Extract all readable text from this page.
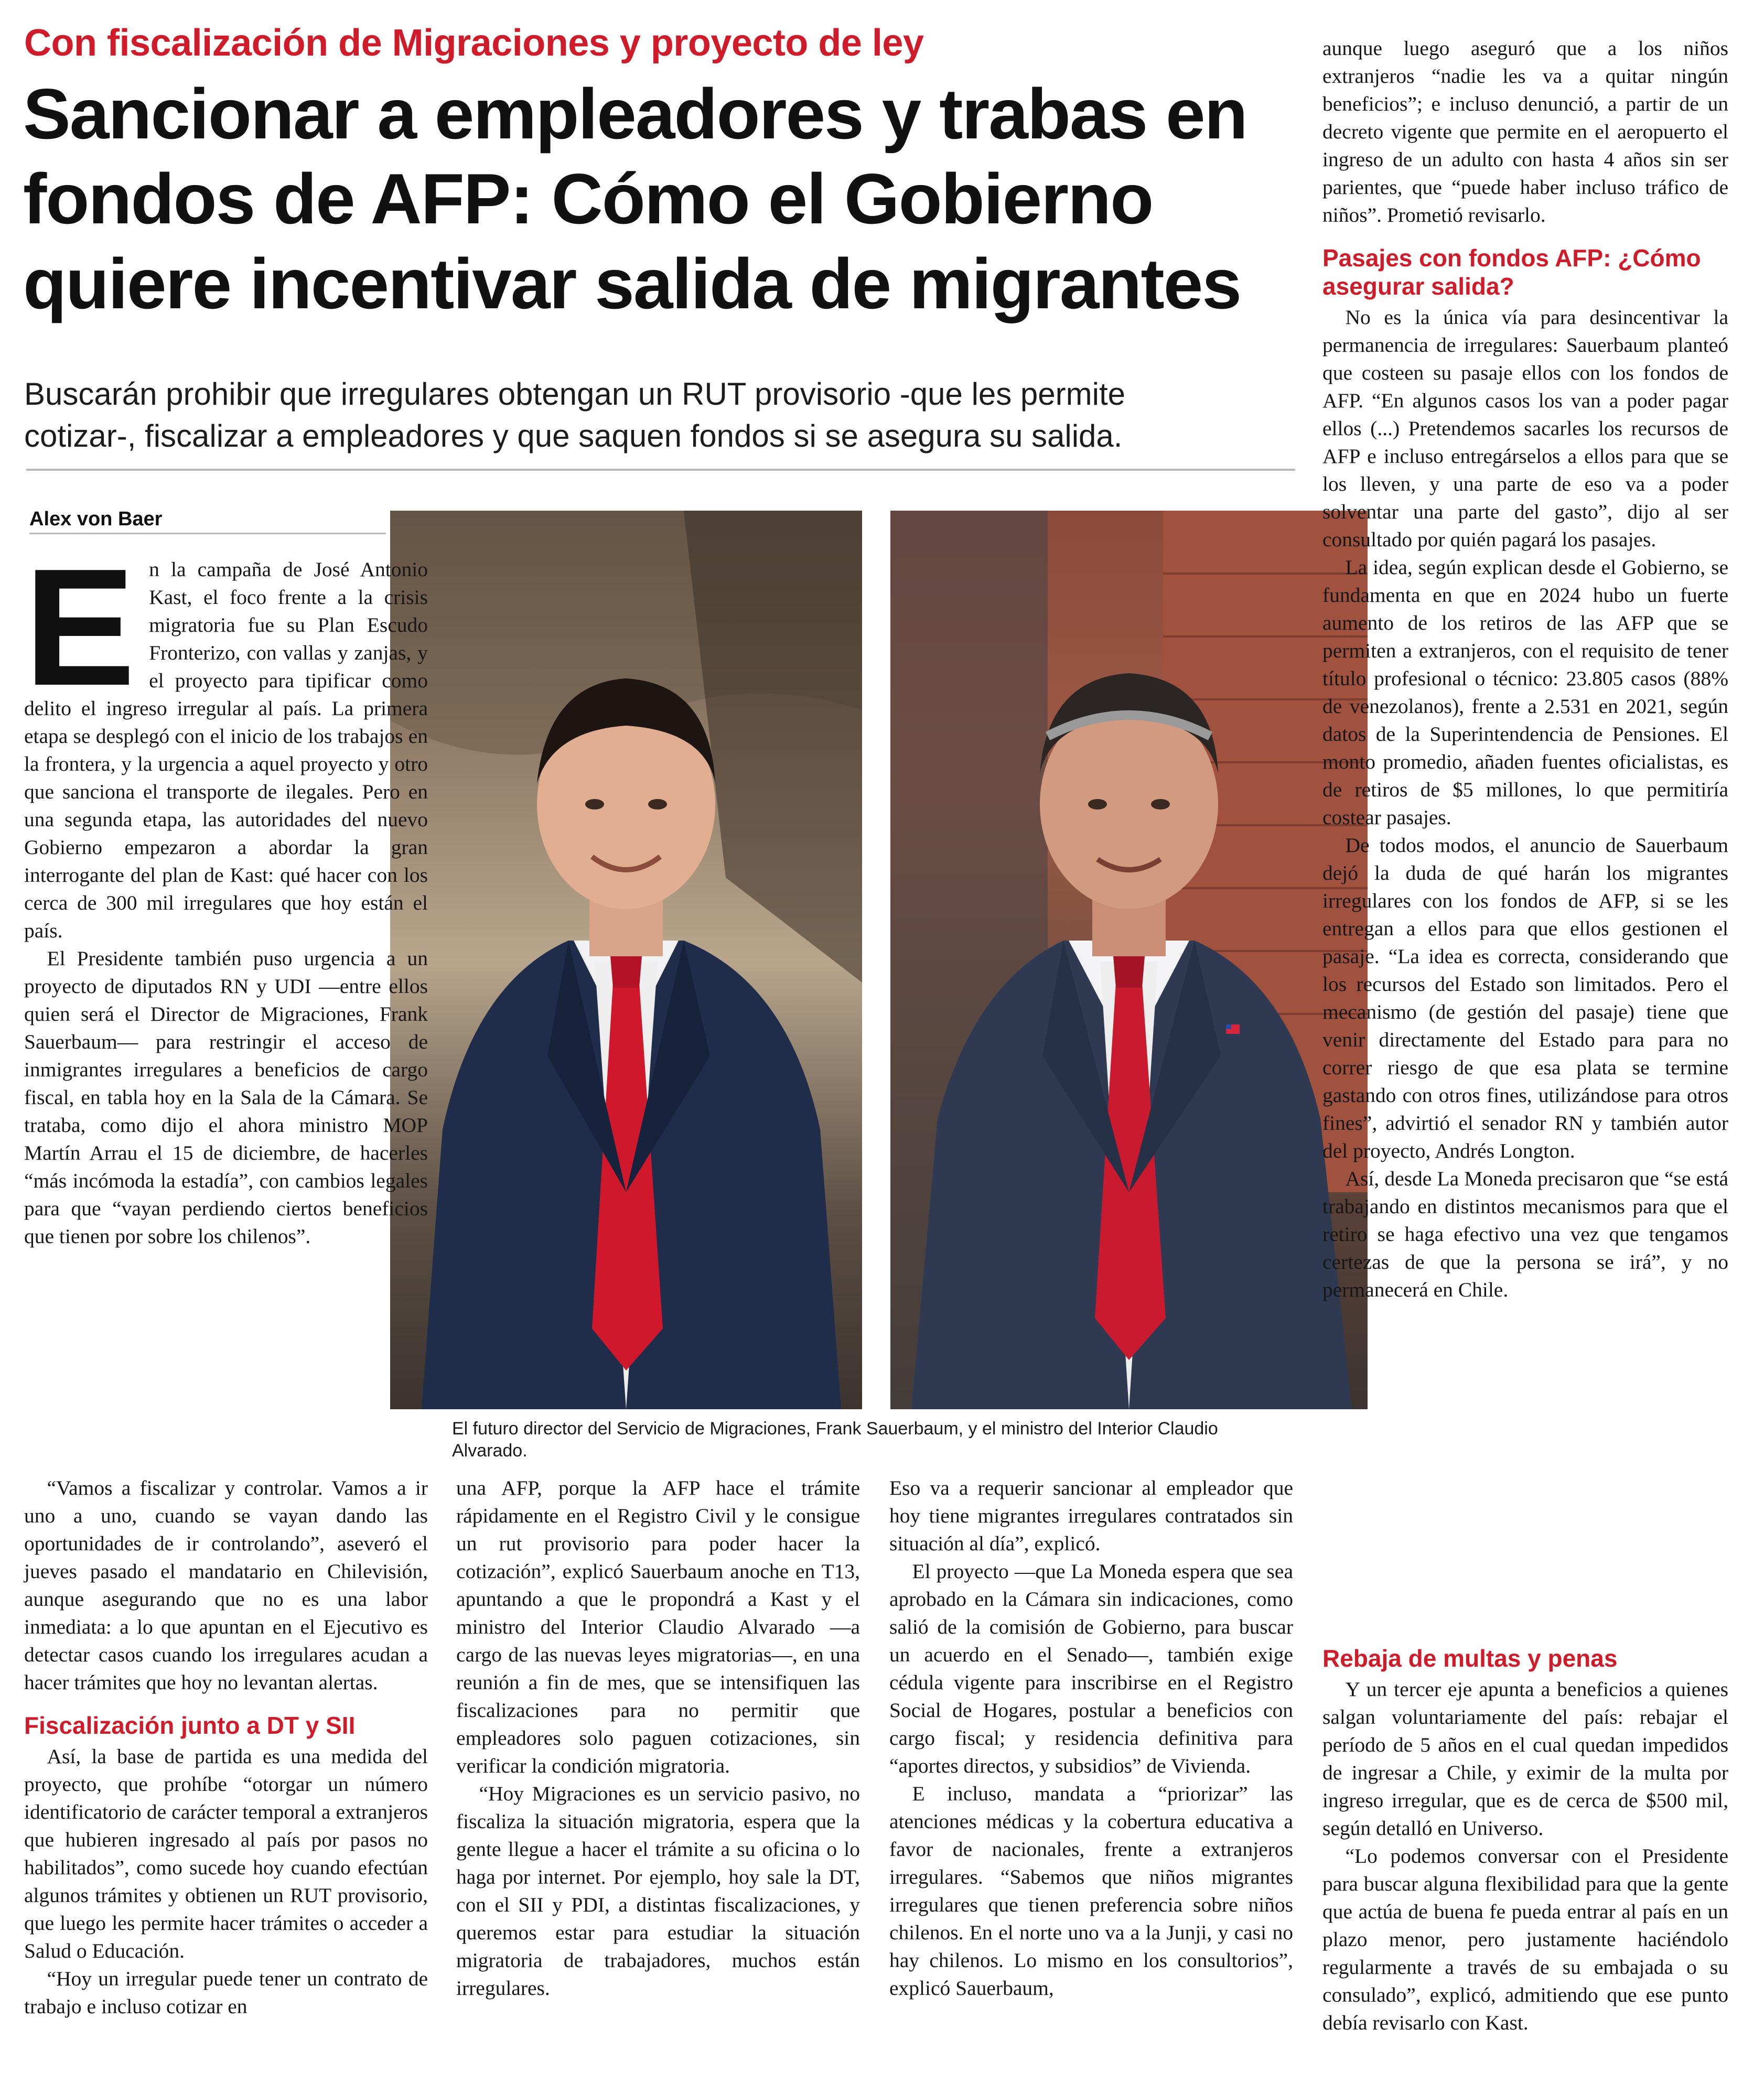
Con fiscalización de Migraciones y proyecto de ley
Sancionar a empleadores y trabas en
fondos de AFP: Cómo el Gobierno
quiere incentivar salida de migrantes
Buscarán prohibir que irregulares obtengan un RUT provisorio -que les permite
cotizar-, fiscalizar a empleadores y que saquen fondos si se asegura su salida.
Alex von Baer
El futuro director del Servicio de Migraciones, Frank Sauerbaum, y el ministro del Interior Claudio Alvarado.

E n la campaña de José Antonio Kast, el foco frente a la crisis migratoria fue su Plan Escudo Fronterizo, con vallas y zanjas, y el proyecto para tipificar como delito el ingreso irregular al país. La primera etapa se desplegó con el inicio de los trabajos en la frontera, y la urgencia a aquel proyecto y otro que sanciona el transporte de ilegales. Pero en una segunda etapa, las autoridades del nuevo Gobierno empezaron a abordar la gran interrogante del plan de Kast: qué hacer con los cerca de 300 mil irregulares que hoy están el país.

El Presidente también puso urgencia a un proyecto de diputados RN y UDI —entre ellos quien será el Director de Migraciones, Frank Sauerbaum— para restringir el acceso de inmigrantes irregulares a beneficios de cargo fiscal, en tabla hoy en la Sala de la Cámara. Se trataba, como dijo el ahora ministro MOP Martín Arrau el 15 de diciembre, de hacerles “más incómoda la estadía”, con cambios legales para que “vayan perdiendo ciertos beneficios que tienen por sobre los chilenos”.

“Vamos a fiscalizar y controlar. Vamos a ir uno a uno, cuando se vayan dando las oportunidades de ir controlando”, aseveró el jueves pasado el mandatario en Chilevisión, aunque asegurando que no es una labor inmediata: a lo que apuntan en el Ejecutivo es detectar casos cuando los irregulares acudan a hacer trámites que hoy no levantan alertas.

Fiscalización junto a DT y SII

Así, la base de partida es una medida del proyecto, que prohíbe “otorgar un número identificatorio de carácter temporal a extranjeros que hubieren ingresado al país por pasos no habilitados”, como sucede hoy cuando efectúan algunos trámites y obtienen un RUT provisorio, que luego les permite hacer trámites o acceder a Salud o Educación.

“Hoy un irregular puede tener un contrato de trabajo e incluso cotizar en

una AFP, porque la AFP hace el trámite rápidamente en el Registro Civil y le consigue un rut provisorio para poder hacer la cotización”, explicó Sauerbaum anoche en T13, apuntando a que le propondrá a Kast y el ministro del Interior Claudio Alvarado —a cargo de las nuevas leyes migratorias—, en una reunión a fin de mes, que se intensifiquen las fiscalizaciones para no permitir que empleadores solo paguen cotizaciones, sin verificar la condición migratoria.

“Hoy Migraciones es un servicio pasivo, no fiscaliza la situación migratoria, espera que la gente llegue a hacer el trámite a su oficina o lo haga por internet. Por ejemplo, hoy sale la DT, con el SII y PDI, a distintas fiscalizaciones, y queremos estar para estudiar la situación migratoria de trabajadores, muchos están irregulares.

Eso va a requerir sancionar al empleador que hoy tiene migrantes irregulares contratados sin situación al día”, explicó.

El proyecto —que La Moneda espera que sea aprobado en la Cámara sin indicaciones, como salió de la comisión de Gobierno, para buscar un acuerdo en el Senado—, también exige cédula vigente para inscribirse en el Registro Social de Hogares, postular a beneficios con cargo fiscal; y residencia definitiva para “aportes directos, y subsidios” de Vivienda.

E incluso, mandata a “priorizar” las atenciones médicas y la cobertura educativa a favor de nacionales, frente a extranjeros irregulares. “Sabemos que niños migrantes irregulares que tienen preferencia sobre niños chilenos. En el norte uno va a la Junji, y casi no hay chilenos. Lo mismo en los consultorios”, explicó Sauerbaum,

aunque luego aseguró que a los niños extranjeros “nadie les va a quitar ningún beneficios”; e incluso denunció, a partir de un decreto vigente que permite en el aeropuerto el ingreso de un adulto con hasta 4 años sin ser parientes, que “puede haber incluso tráfico de niños”. Prometió revisarlo.

Pasajes con fondos AFP: ¿Cómo asegurar salida?

No es la única vía para desincentivar la permanencia de irregulares: Sauerbaum planteó que costeen su pasaje ellos con los fondos de AFP. “En algunos casos los van a poder pagar ellos (...) Pretendemos sacarles los recursos de AFP e incluso entregárselos a ellos para que se los lleven, y una parte de eso va a poder solventar una parte del gasto”, dijo al ser consultado por quién pagará los pasajes.

La idea, según explican desde el Gobierno, se fundamenta en que en 2024 hubo un fuerte aumento de los retiros de las AFP que se permiten a extranjeros, con el requisito de tener título profesional o técnico: 23.805 casos (88% de venezolanos), frente a 2.531 en 2021, según datos de la Superintendencia de Pensiones. El monto promedio, añaden fuentes oficialistas, es de retiros de $5 millones, lo que permitiría costear pasajes.

De todos modos, el anuncio de Sauerbaum dejó la duda de qué harán los migrantes irregulares con los fondos de AFP, si se les entregan a ellos para que ellos gestionen el pasaje. “La idea es correcta, considerando que los recursos del Estado son limitados. Pero el mecanismo (de gestión del pasaje) tiene que venir directamente del Estado para para no correr riesgo de que esa plata se termine gastando con otros fines, utilizándose para otros fines”, advirtió el senador RN y también autor del proyecto, Andrés Longton.

Así, desde La Moneda precisaron que “se está trabajando en distintos mecanismos para que el retiro se haga efectivo una vez que tengamos certezas de que la persona se irá”, y no permanecerá en Chile.

Rebaja de multas y penas

Y un tercer eje apunta a beneficios a quienes salgan voluntariamente del país: rebajar el período de 5 años en el cual quedan impedidos de ingresar a Chile, y eximir de la multa por ingreso irregular, que es de cerca de $500 mil, según detalló en Universo.

“Lo podemos conversar con el Presidente para buscar alguna flexibilidad para que la gente que actúa de buena fe pueda entrar al país en un plazo menor, pero justamente haciéndolo regularmente a través de su embajada o su consulado”, explicó, admitiendo que ese punto debía revisarlo con Kast.
